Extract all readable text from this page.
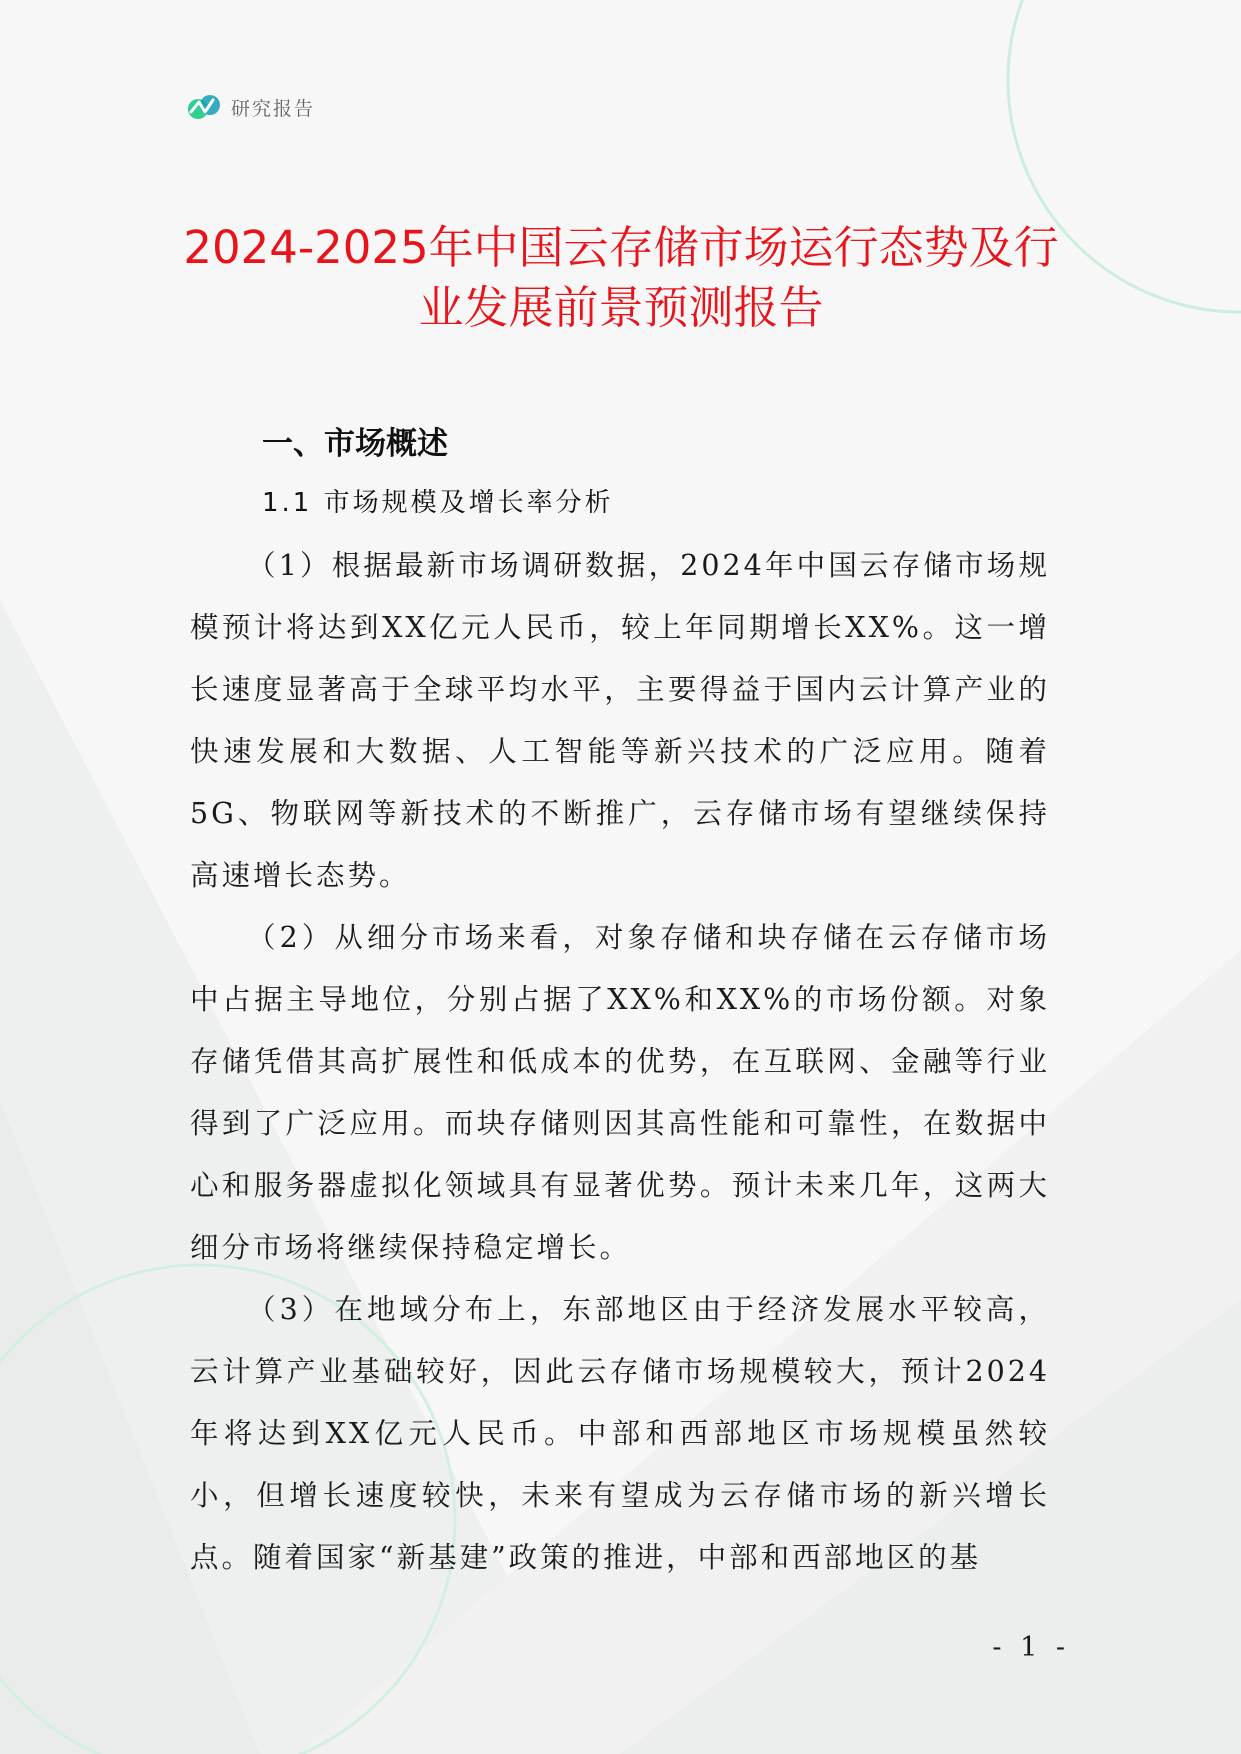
研究报告
2024-2025年中国云存储市场运行态势及行
业发展前景预测报告
一、市场概述
1.1 市场规模及增长率分析

（1）根据最新市场调研数据，2024年中国云存储市场规模预计将达到XX亿元人民币，较上年同期增长XX%。这一增长速度显著高于全球平均水平，主要得益于国内云计算产业的快速发展和大数据、人工智能等新兴技术的广泛应用。随着5G、物联网等新技术的不断推广，云存储市场有望继续保持高速增长态势。

（2）从细分市场来看，对象存储和块存储在云存储市场中占据主导地位，分别占据了XX%和XX%的市场份额。对象存储凭借其高扩展性和低成本的优势，在互联网、金融等行业得到了广泛应用。而块存储则因其高性能和可靠性，在数据中心和服务器虚拟化领域具有显著优势。预计未来几年，这两大细分市场将继续保持稳定增长。

（3）在地域分布上，东部地区由于经济发展水平较高，云计算产业基础较好，因此云存储市场规模较大，预计2024年将达到XX亿元人民币。中部和西部地区市场规模虽然较小，但增长速度较快，未来有望成为云存储市场的新兴增长点。随着国家“新基建”政策的推进，中部和西部地区的基

- 1 -
